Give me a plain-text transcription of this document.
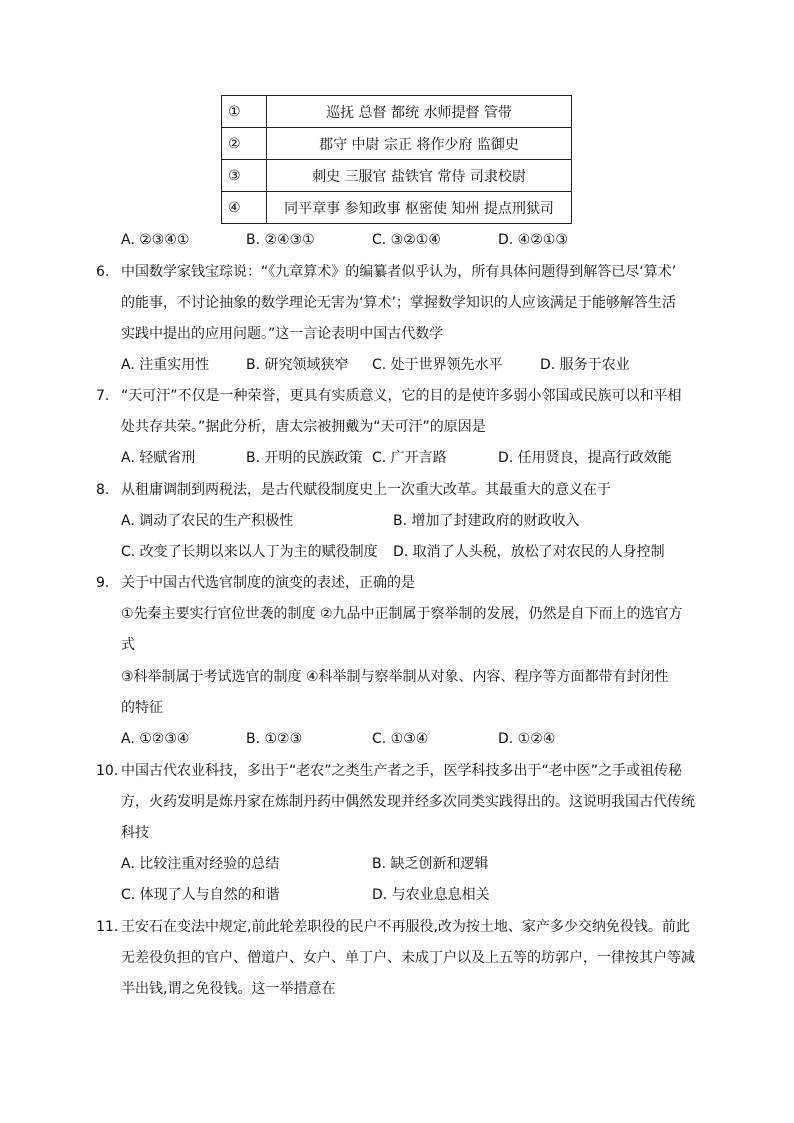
①	巡抚 总督 都统 水师提督 管带
②	郡守 中尉 宗正 将作少府 监御史
③	刺史 三服官 盐铁官 常侍 司隶校尉
④	同平章事 参知政事 枢密使 知州 提点刑狱司
A. ②③④①	B. ②④③①	C. ③②①④	D. ④②①③
6. 中国数学家钱宝琮说：“《九章算术》的编纂者似乎认为，所有具体问题得到解答已尽‘算术’
的能事，不讨论抽象的数学理论无害为‘算术’；掌握数学知识的人应该满足于能够解答生活
实践中提出的应用问题。”这一言论表明中国古代数学
A. 注重实用性	B. 研究领域狭窄 C. 处于世界领先水平	D. 服务于农业
7. “天可汗”不仅是一种荣誉，更具有实质意义，它的目的是使许多弱小邻国或民族可以和平相
处共存共荣。”据此分析，唐太宗被拥戴为“天可汗”的原因是
A. 轻赋省刑	B. 开明的民族政策 C. 广开言路	D. 任用贤良，提高行政效能
8. 从租庸调制到两税法，是古代赋役制度史上一次重大改革。其最重大的意义在于
A. 调动了农民的生产积极性	B. 增加了封建政府的财政收入
C. 改变了长期以来以人丁为主的赋役制度 D. 取消了人头税，放松了对农民的人身控制
9. 关于中国古代选官制度的演变的表述，正确的是
①先秦主要实行官位世袭的制度 ②九品中正制属于察举制的发展，仍然是自下而上的选官方
式
③科举制属于考试选官的制度 ④科举制与察举制从对象、内容、程序等方面都带有封闭性
的特征
A. ①②③④	B. ①②③	C. ①③④	D. ①②④
10. 中国古代农业科技，多出于“老农”之类生产者之手，医学科技多出于“老中医”之手或祖传秘
方，火药发明是炼丹家在炼制丹药中偶然发现并经多次同类实践得出的。这说明我国古代传统
科技
A. 比较注重对经验的总结	B. 缺乏创新和逻辑
C. 体现了人与自然的和谐	D. 与农业息息相关
11. 王安石在变法中规定,前此轮差职役的民户不再服役,改为按土地、家产多少交纳免役钱。前此
无差役负担的官户、僧道户、女户、单丁户、未成丁户以及上五等的坊郭户，一律按其户等减
半出钱,谓之免役钱。这一举措意在
